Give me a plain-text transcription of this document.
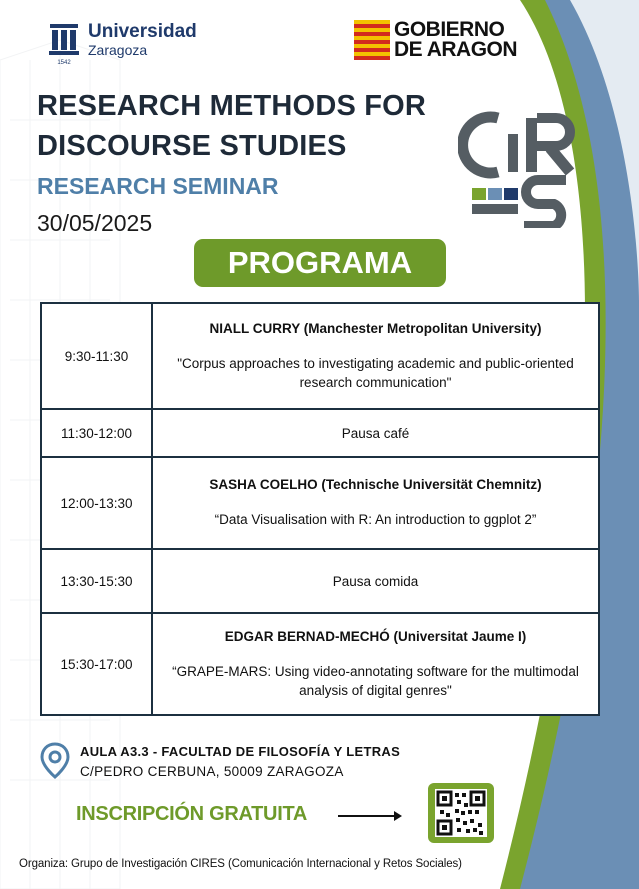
1542
Universidad
Zaragoza
GOBIERNO
DE ARAGON
RESEARCH METHODS FOR
DISCOURSE STUDIES
RESEARCH SEMINAR
30/05/2025
PROGRAMA
9:30-11:30	NIALL CURRY (Manchester Metropolitan University)
"Corpus approaches to investigating academic and public-oriented research communication"

11:30-12:00	Pausa café
12:00-13:30	SASHA COELHO (Technische Universität Chemnitz)
“Data Visualisation with R: An introduction to ggplot 2”

13:30-15:30	Pausa comida
15:30-17:00	EDGAR BERNAD-MECHÓ (Universitat Jaume I)
“GRAPE-MARS: Using video-annotating software for the multimodal analysis of digital genres"
AULA A3.3 - FACULTAD DE FILOSOFÍA Y LETRAS
C/PEDRO CERBUNA, 50009 ZARAGOZA
INSCRIPCIÓN GRATUITA
Organiza: Grupo de Investigación CIRES (Comunicación Internacional y Retos Sociales)
